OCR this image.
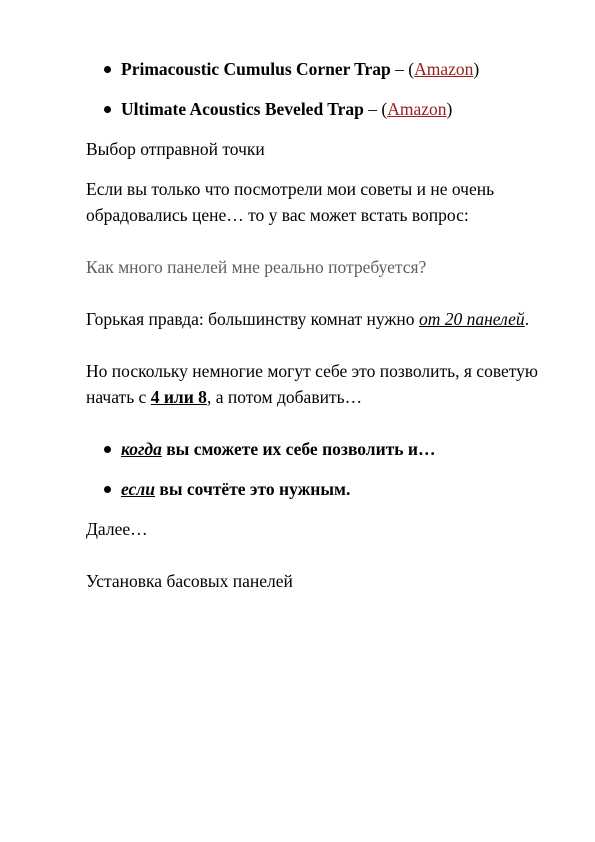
Primacoustic Cumulus Corner Trap – (Amazon)
Ultimate Acoustics Beveled Trap – (Amazon)

Выбор отправной точки

Если вы только что посмотрели мои советы и не очень обрадовались цене… то у вас может встать вопрос:

Как много панелей мне реально потребуется?

Горькая правда: большинству комнат нужно от 20 панелей.

Но поскольку немногие могут себе это позволить, я советую начать с 4 или 8, а потом добавить…

когда вы сможете их себе позволить и…
если вы сочтёте это нужным.

Далее…

Установка басовых панелей
